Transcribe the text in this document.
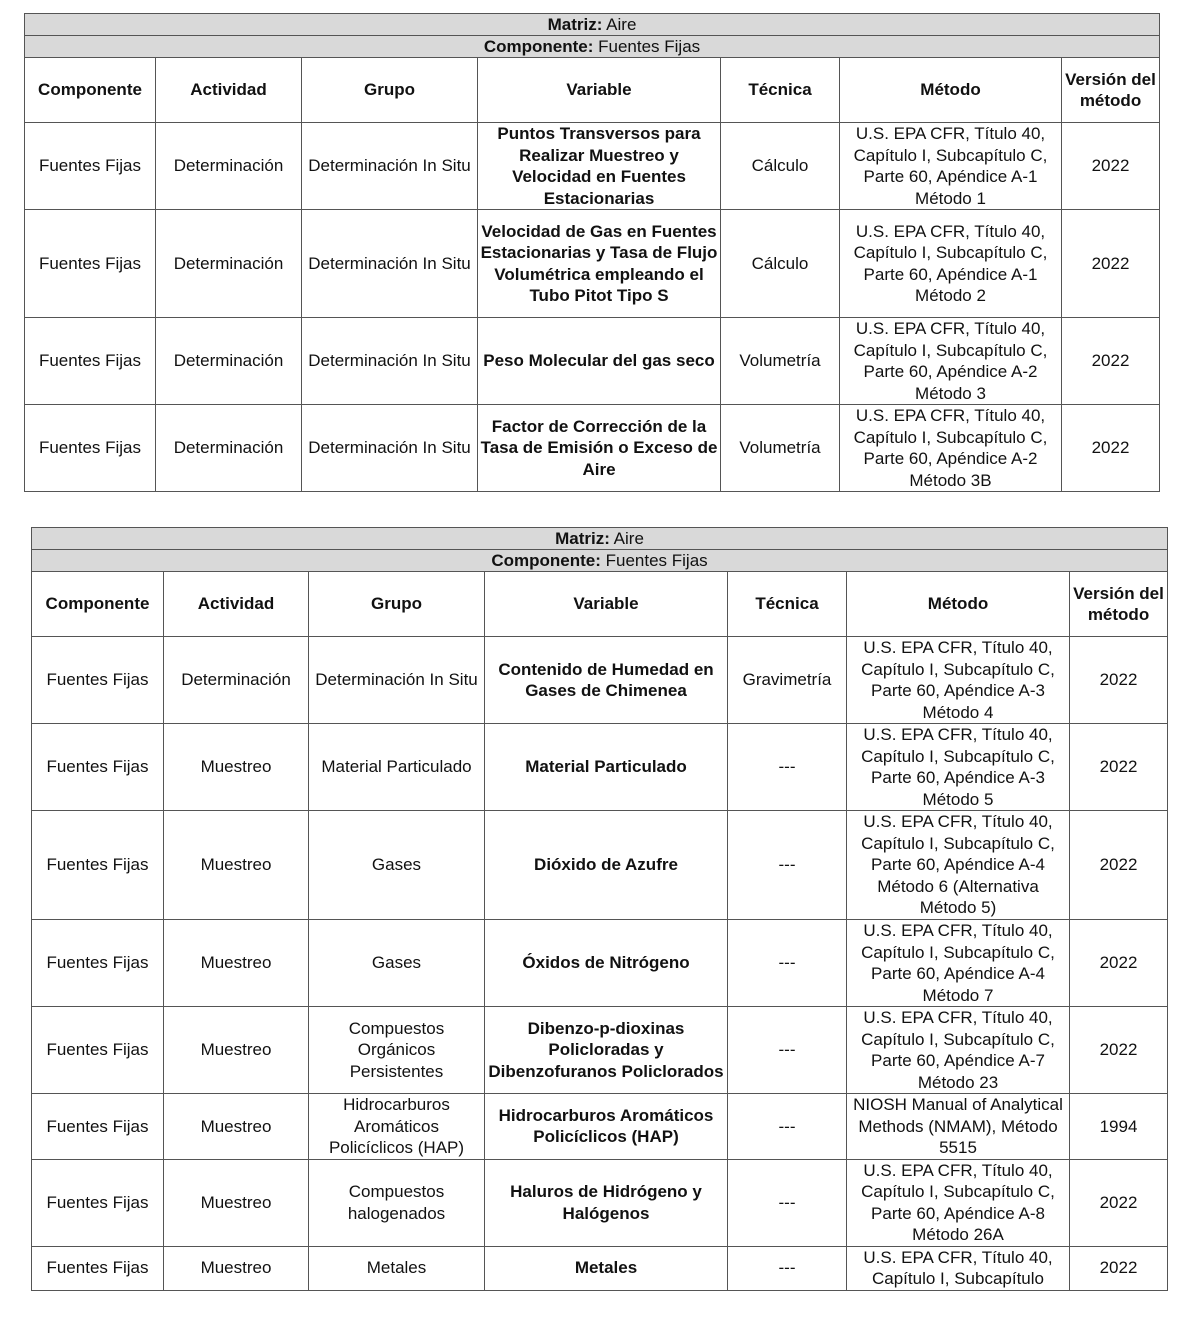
Matriz: Aire						
Componente: Fuentes Fijas						
Componente	Actividad	Grupo	Variable	Técnica	Método	Versión del método
Fuentes Fijas	Determinación	Determinación In Situ	Puntos Transversos para Realizar Muestreo y Velocidad en Fuentes Estacionarias	Cálculo	U.S. EPA CFR, Título 40, Capítulo I, Subcapítulo C, Parte 60, Apéndice A-1 Método 1	2022
Fuentes Fijas	Determinación	Determinación In Situ	Velocidad de Gas en Fuentes Estacionarias y Tasa de Flujo Volumétrica empleando el Tubo Pitot Tipo S	Cálculo	U.S. EPA CFR, Título 40, Capítulo I, Subcapítulo C, Parte 60, Apéndice A-1 Método 2	2022
Fuentes Fijas	Determinación	Determinación In Situ	Peso Molecular del gas seco	Volumetría	U.S. EPA CFR, Título 40, Capítulo I, Subcapítulo C, Parte 60, Apéndice A-2 Método 3	2022
Fuentes Fijas	Determinación	Determinación In Situ	Factor de Corrección de la Tasa de Emisión o Exceso de Aire	Volumetría	U.S. EPA CFR, Título 40, Capítulo I, Subcapítulo C, Parte 60, Apéndice A-2 Método 3B	2022
Matriz: Aire						
Componente: Fuentes Fijas						
Componente	Actividad	Grupo	Variable	Técnica	Método	Versión del método
Fuentes Fijas	Determinación	Determinación In Situ	Contenido de Humedad en Gases de Chimenea	Gravimetría	U.S. EPA CFR, Título 40, Capítulo I, Subcapítulo C, Parte 60, Apéndice A-3 Método 4	2022
Fuentes Fijas	Muestreo	Material Particulado	Material Particulado	---	U.S. EPA CFR, Título 40, Capítulo I, Subcapítulo C, Parte 60, Apéndice A-3 Método 5	2022
Fuentes Fijas	Muestreo	Gases	Dióxido de Azufre	---	U.S. EPA CFR, Título 40, Capítulo I, Subcapítulo C, Parte 60, Apéndice A-4 Método 6 (Alternativa Método 5)	2022
Fuentes Fijas	Muestreo	Gases	Óxidos de Nitrógeno	---	U.S. EPA CFR, Título 40, Capítulo I, Subcapítulo C, Parte 60, Apéndice A-4 Método 7	2022
Fuentes Fijas	Muestreo	Compuestos Orgánicos Persistentes	Dibenzo-p-dioxinas Policloradas y Dibenzofuranos Policlorados	---	U.S. EPA CFR, Título 40, Capítulo I, Subcapítulo C, Parte 60, Apéndice A-7 Método 23	2022
Fuentes Fijas	Muestreo	Hidrocarburos Aromáticos Policíclicos (HAP)	Hidrocarburos Aromáticos Policíclicos (HAP)	---	NIOSH Manual of Analytical Methods (NMAM), Método 5515	1994
Fuentes Fijas	Muestreo	Compuestos halogenados	Haluros de Hidrógeno y Halógenos	---	U.S. EPA CFR, Título 40, Capítulo I, Subcapítulo C, Parte 60, Apéndice A-8 Método 26A	2022
Fuentes Fijas	Muestreo	Metales	Metales	---	U.S. EPA CFR, Título 40, Capítulo I, Subcapítulo	2022
